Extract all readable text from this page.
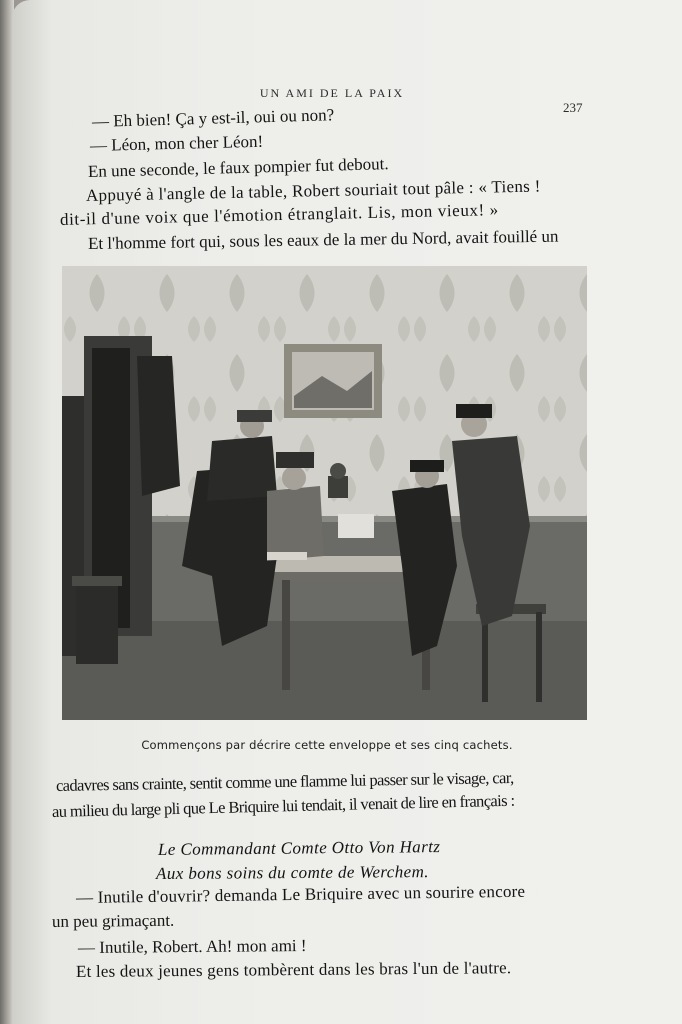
UN AMI DE LA PAIX
237
— Eh bien! Ça y est-il, oui ou non?
— Léon, mon cher Léon!
En une seconde, le faux pompier fut debout.
Appuyé à l'angle de la table, Robert souriait tout pâle : « Tiens !
dit-il d'une voix que l'émotion étranglait. Lis, mon vieux! »
Et l'homme fort qui, sous les eaux de la mer du Nord, avait fouillé un
Commençons par décrire cette enveloppe et ses cinq cachets.
cadavres sans crainte, sentit comme une flamme lui passer sur le visage, car,
au milieu du large pli que Le Briquire lui tendait, il venait de lire en français :
Le Commandant Comte Otto Von Hartz
Aux bons soins du comte de Werchem.
— Inutile d'ouvrir? demanda Le Briquire avec un sourire encore
un peu grimaçant.
— Inutile, Robert. Ah! mon ami !
Et les deux jeunes gens tombèrent dans les bras l'un de l'autre.
